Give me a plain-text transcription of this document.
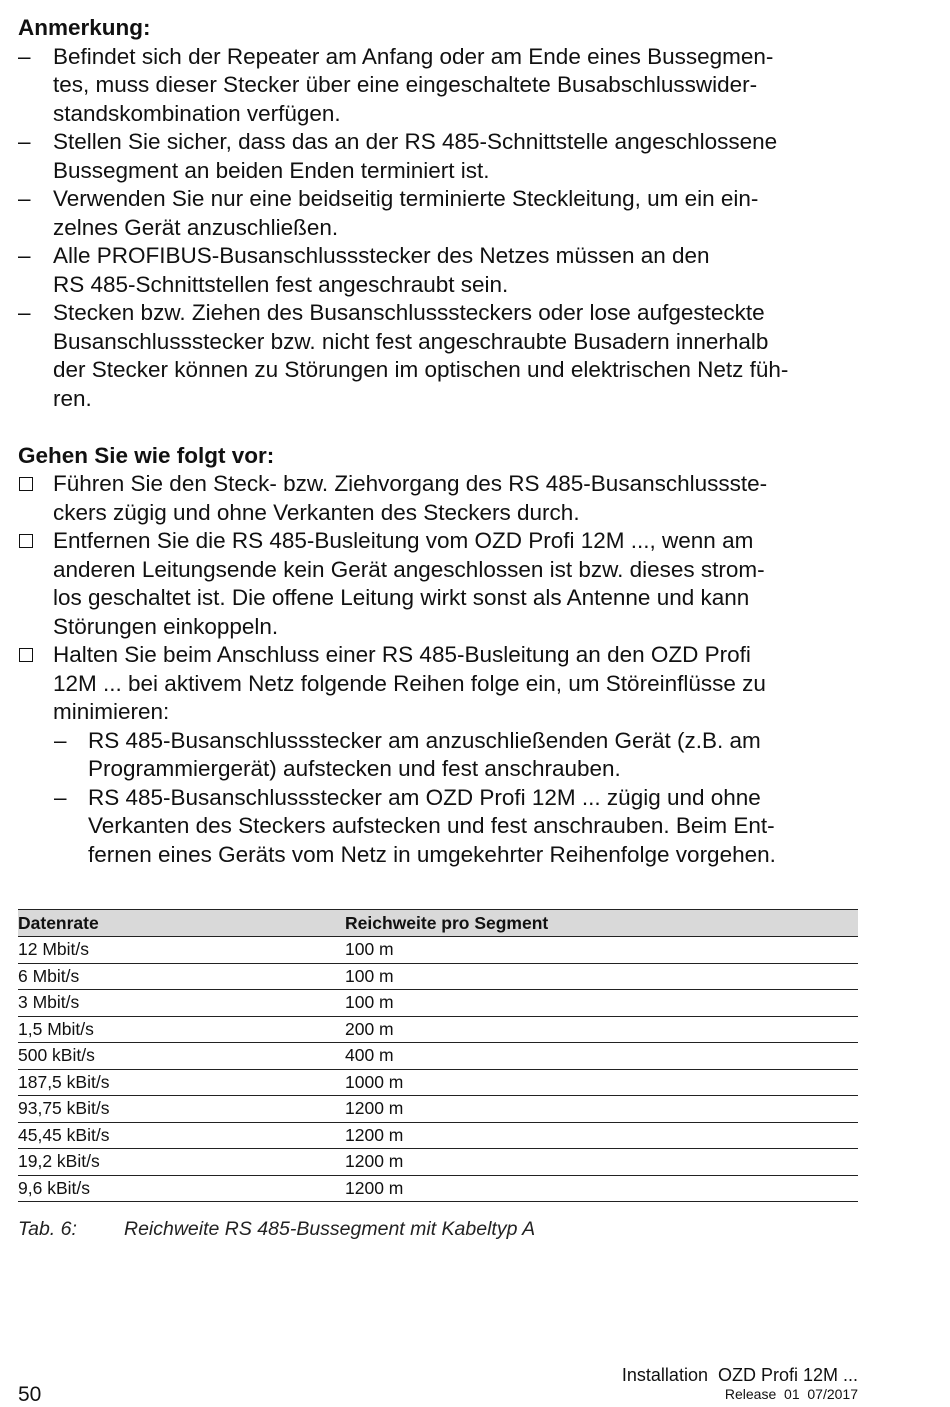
Anmerkung:

– Befindet sich der Repeater am Anfang oder am Ende eines Bussegmen-
tes, muss dieser Stecker über eine eingeschaltete Busabschlusswider-
standskombination verfügen.
– Stellen Sie sicher, dass das an der RS 485-Schnittstelle angeschlossene
Bussegment an beiden Enden terminiert ist.
– Verwenden Sie nur eine beidseitig terminierte Steckleitung, um ein ein-
zelnes Gerät anzuschließen.
– Alle PROFIBUS-Busanschlussstecker des Netzes müssen an den
RS 485-Schnittstellen fest angeschraubt sein.
– Stecken bzw. Ziehen des Busanschlusssteckers oder lose aufgesteckte
Busanschlussstecker bzw. nicht fest angeschraubte Busadern innerhalb
der Stecker können zu Störungen im optischen und elektrischen Netz füh-
ren.

Gehen Sie wie folgt vor:

Führen Sie den Steck- bzw. Ziehvorgang des RS 485-Busanschlussste-
ckers zügig und ohne Verkanten des Steckers durch.
Entfernen Sie die RS 485-Busleitung vom OZD Profi 12M ..., wenn am
anderen Leitungsende kein Gerät angeschlossen ist bzw. dieses strom-
los geschaltet ist. Die offene Leitung wirkt sonst als Antenne und kann
Störungen einkoppeln.
Halten Sie beim Anschluss einer RS 485-Busleitung an den OZD Profi
12M ... bei aktivem Netz folgende Reihen folge ein, um Störeinflüsse zu
minimieren:
– RS 485-Busanschlussstecker am anzuschließenden Gerät (z.B. am
Programmiergerät) aufstecken und fest anschrauben.
– RS 485-Busanschlussstecker am OZD Profi 12M ... zügig und ohne
Verkanten des Steckers aufstecken und fest anschrauben. Beim Ent-
fernen eines Geräts vom Netz in umgekehrter Reihenfolge vorgehen.
Datenrate	Reichweite pro Segment
12 Mbit/s	100 m
6 Mbit/s	100 m
3 Mbit/s	100 m
1,5 Mbit/s	200 m
500 kBit/s	400 m
187,5 kBit/s	1000 m
93,75 kBit/s	1200 m
45,45 kBit/s	1200 m
19,2 kBit/s	1200 m
9,6 kBit/s	1200 m
Tab. 6: Reichweite RS 485-Bussegment mit Kabeltyp A
50
Installation  OZD Profi 12M ...
Release  01  07/2017
